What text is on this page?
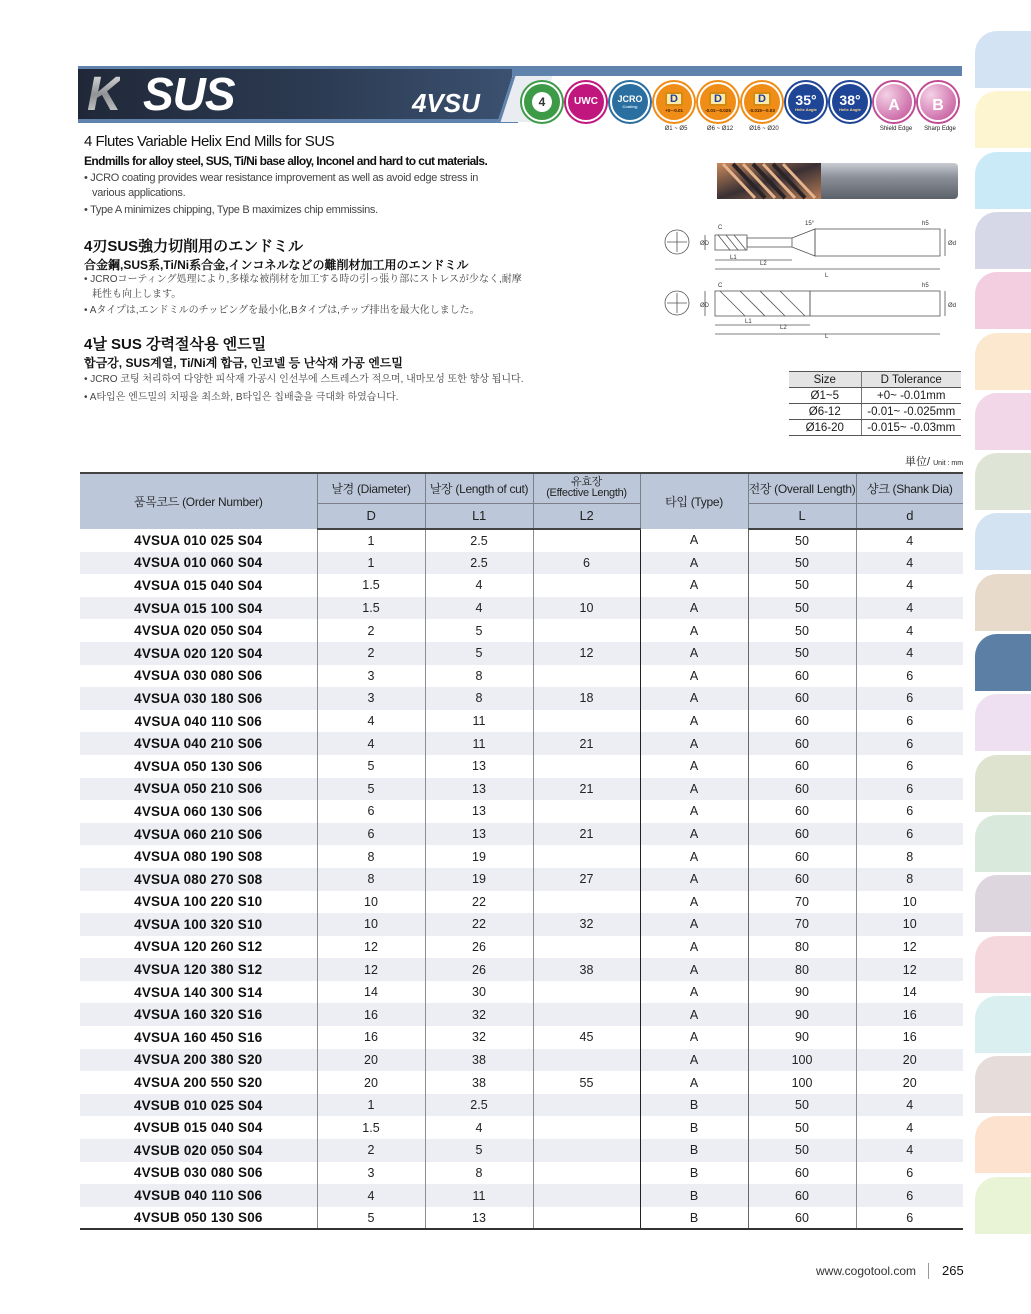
K SUS	4VSU	4	UWC JCRO
Coating
D
+0~-0.01
Ø1 ~ Ø5
D
-0.01~-0.025
Ø6 ~ Ø12
D
-0.015~-0.03
Ø16 ~ Ø20
35°
Helix Angle
38°
Helix Angle A
Shield Edge
B
Sharp Edge
4 Flutes Variable Helix End Mills for SUS
Endmills for alloy steel, SUS, Ti/Ni base alloy, Inconel and hard to cut materials.
• JCRO coating provides wear resistance improvement as well as avoid edge stress in
various applications.
• Type A minimizes chipping, Type B maximizes chip emmissins.
4刃SUS強力切削用のエンドミル
合金鋼,SUS系,Ti/Ni系合金,インコネルなどの難削材加工用のエンドミル
• JCROコーティング処理により,多様な被削材を加工する時の引っ張り部にストレスが少なく,耐摩
耗性も向上します。
• Aタイプは,エンドミルのチッピングを最小化,Bタイプは,チップ排出を最大化しました。
4날 SUS 강력절삭용 엔드밀
합금강, SUS계열, Ti/Ni계 합금, 인코넬 등 난삭재 가공 엔드밀
• JCRO 코팅 처리하여 다양한 피삭재 가공시 인선부에 스트레스가 적으며, 내마모성 또한 향상 됩니다.
• A타입은 엔드밀의 치핑을 최소화, B타입은 칩배출을 극대화 하였습니다.
C
15°	h5
ØD	Ød
L1
L2
L
C	h5
ØD	Ød
L1
L2
L
Size	D Tolerance
Ø1~5	+0~ -0.01mm
Ø6-12	-0.01~ -0.025mm
Ø16-20	-0.015~ -0.03mm
単位/ Unit : mm
품목코드 (Order Number)	날경 (Diameter)	날장 (Length of cut)	유효장
(Effective Length)	타입 (Type)	전장 (Overall Length)	샹크 (Shank Dia)
	D	L1	L2		L	d
4VSUA 010 025 S04	1	2.5		A	50	4
4VSUA 010 060 S04	1	2.5	6	A	50	4
4VSUA 015 040 S04	1.5	4		A	50	4
4VSUA 015 100 S04	1.5	4	10	A	50	4
4VSUA 020 050 S04	2	5		A	50	4
4VSUA 020 120 S04	2	5	12	A	50	4
4VSUA 030 080 S06	3	8		A	60	6
4VSUA 030 180 S06	3	8	18	A	60	6
4VSUA 040 110 S06	4	11		A	60	6
4VSUA 040 210 S06	4	11	21	A	60	6
4VSUA 050 130 S06	5	13		A	60	6
4VSUA 050 210 S06	5	13	21	A	60	6
4VSUA 060 130 S06	6	13		A	60	6
4VSUA 060 210 S06	6	13	21	A	60	6
4VSUA 080 190 S08	8	19		A	60	8
4VSUA 080 270 S08	8	19	27	A	60	8
4VSUA 100 220 S10	10	22		A	70	10
4VSUA 100 320 S10	10	22	32	A	70	10
4VSUA 120 260 S12	12	26		A	80	12
4VSUA 120 380 S12	12	26	38	A	80	12
4VSUA 140 300 S14	14	30		A	90	14
4VSUA 160 320 S16	16	32		A	90	16
4VSUA 160 450 S16	16	32	45	A	90	16
4VSUA 200 380 S20	20	38		A	100	20
4VSUA 200 550 S20	20	38	55	A	100	20
4VSUB 010 025 S04	1	2.5		B	50	4
4VSUB 015 040 S04	1.5	4		B	50	4
4VSUB 020 050 S04	2	5		B	50	4
4VSUB 030 080 S06	3	8		B	60	6
4VSUB 040 110 S06	4	11		B	60	6
4VSUB 050 130 S06	5	13		B	60	6
www.cogotool.com 265
